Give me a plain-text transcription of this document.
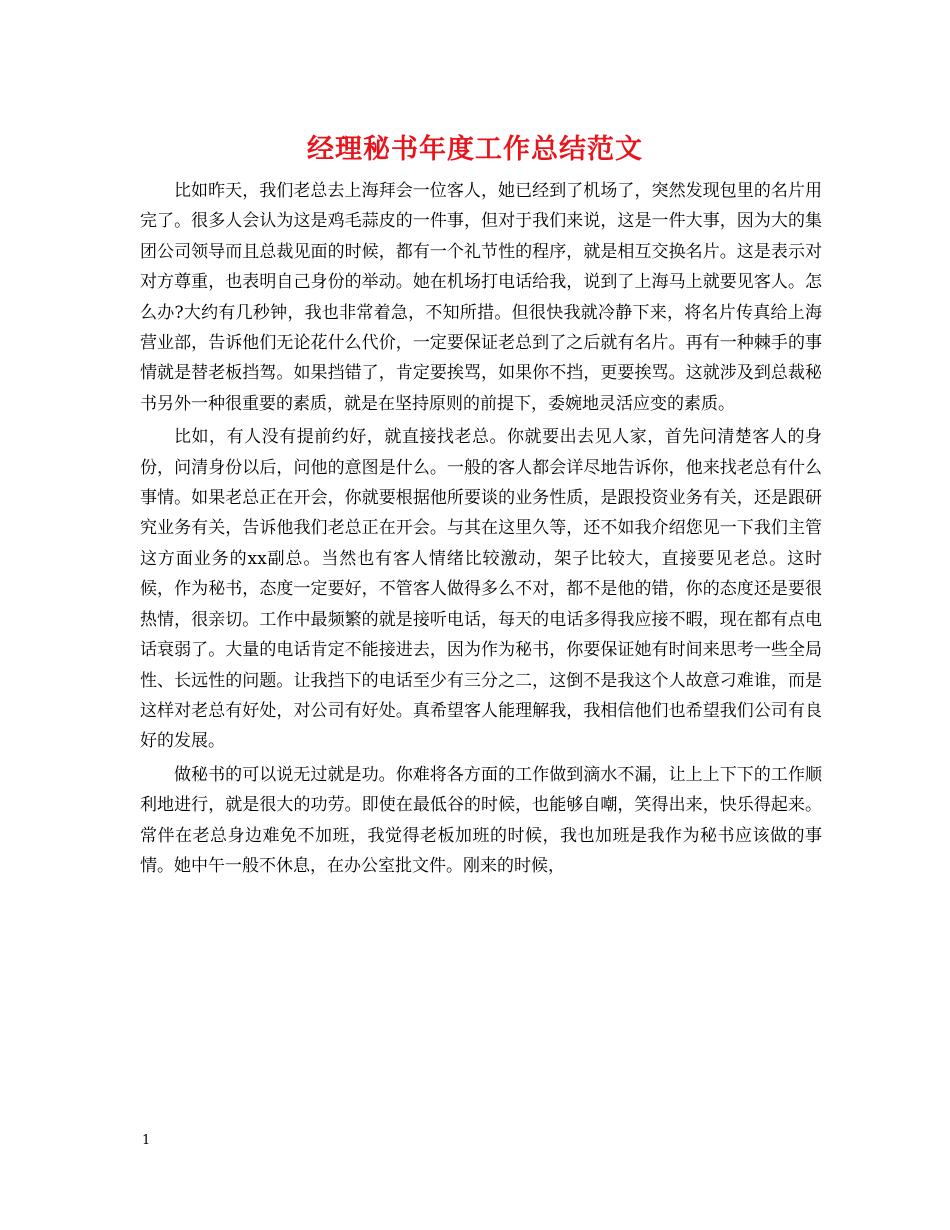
经理秘书年度工作总结范文

比如昨天，我们老总去上海拜会一位客人，她已经到了机场了，突然发现包里的名片用完了。很多人会认为这是鸡毛蒜皮的一件事，但对于我们来说，这是一件大事，因为大的集团公司领导而且总裁见面的时候，都有一个礼节性的程序，就是相互交换名片。这是表示对对方尊重，也表明自己身份的举动。她在机场打电话给我，说到了上海马上就要见客人。怎么办?大约有几秒钟，我也非常着急，不知所措。但很快我就冷静下来，将名片传真给上海营业部，告诉他们无论花什么代价，一定要保证老总到了之后就有名片。再有一种棘手的事情就是替老板挡驾。如果挡错了，肯定要挨骂，如果你不挡，更要挨骂。这就涉及到总裁秘书另外一种很重要的素质，就是在坚持原则的前提下，委婉地灵活应变的素质。

比如，有人没有提前约好，就直接找老总。你就要出去见人家，首先问清楚客人的身份，问清身份以后，问他的意图是什么。一般的客人都会详尽地告诉你，他来找老总有什么事情。如果老总正在开会，你就要根据他所要谈的业务性质，是跟投资业务有关，还是跟研究业务有关，告诉他我们老总正在开会。与其在这里久等，还不如我介绍您见一下我们主管这方面业务的xx副总。当然也有客人情绪比较激动，架子比较大，直接要见老总。这时候，作为秘书，态度一定要好，不管客人做得多么不对，都不是他的错，你的态度还是要很热情，很亲切。工作中最频繁的就是接听电话，每天的电话多得我应接不暇，现在都有点电话衰弱了。大量的电话肯定不能接进去，因为作为秘书，你要保证她有时间来思考一些全局性、长远性的问题。让我挡下的电话至少有三分之二，这倒不是我这个人故意刁难谁，而是这样对老总有好处，对公司有好处。真希望客人能理解我，我相信他们也希望我们公司有良好的发展。

做秘书的可以说无过就是功。你难将各方面的工作做到滴水不漏，让上上下下的工作顺利地进行，就是很大的功劳。即使在最低谷的时候，也能够自嘲，笑得出来，快乐得起来。常伴在老总身边难免不加班，我觉得老板加班的时候，我也加班是我作为秘书应该做的事情。她中午一般不休息，在办公室批文件。刚来的时候，

1
